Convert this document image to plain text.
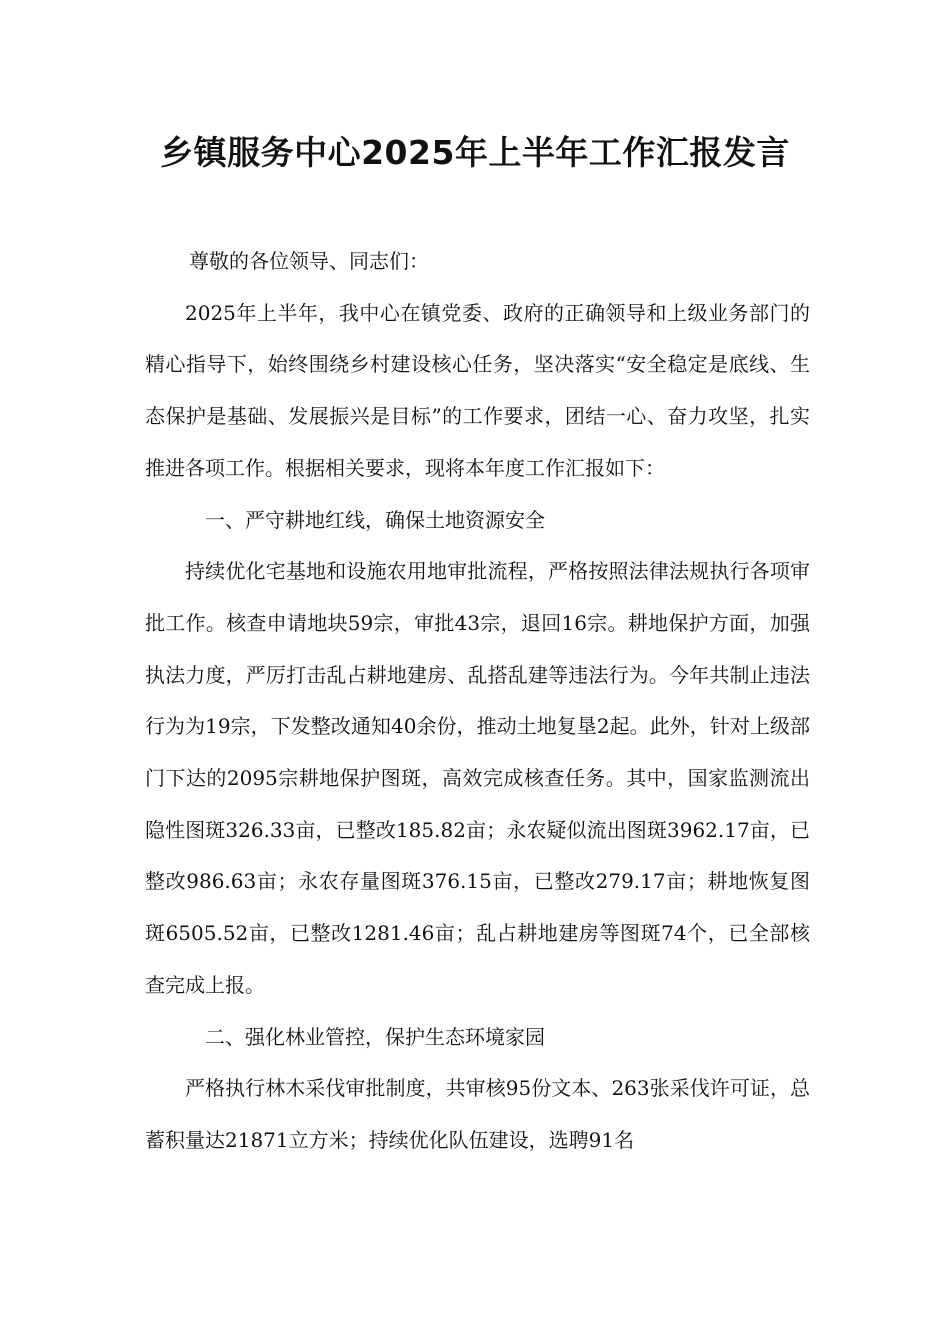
乡镇服务中心2025年上半年工作汇报发言

尊敬的各位领导、同志们：

2025年上半年，我中心在镇党委、政府的正确领导和上级业务部门的精心指导下，始终围绕乡村建设核心任务，坚决落实“安全稳定是底线、生态保护是基础、发展振兴是目标”的工作要求，团结一心、奋力攻坚，扎实推进各项工作。根据相关要求，现将本年度工作汇报如下：

一、严守耕地红线，确保土地资源安全

持续优化宅基地和设施农用地审批流程，严格按照法律法规执行各项审批工作。核查申请地块59宗，审批43宗，退回16宗。耕地保护方面，加强执法力度，严厉打击乱占耕地建房、乱搭乱建等违法行为。今年共制止违法行为为19宗，下发整改通知40余份，推动土地复垦2起。此外，针对上级部门下达的2095宗耕地保护图斑，高效完成核查任务。其中，国家监测流出隐性图斑326.33亩，已整改185.82亩；永农疑似流出图斑3962.17亩，已整改986.63亩；永农存量图斑376.15亩，已整改279.17亩；耕地恢复图斑6505.52亩，已整改1281.46亩；乱占耕地建房等图斑74个，已全部核查完成上报。

二、强化林业管控，保护生态环境家园

严格执行林木采伐审批制度，共审核95份文本、263张采伐许可证，总蓄积量达21871立方米；持续优化队伍建设，选聘91名
